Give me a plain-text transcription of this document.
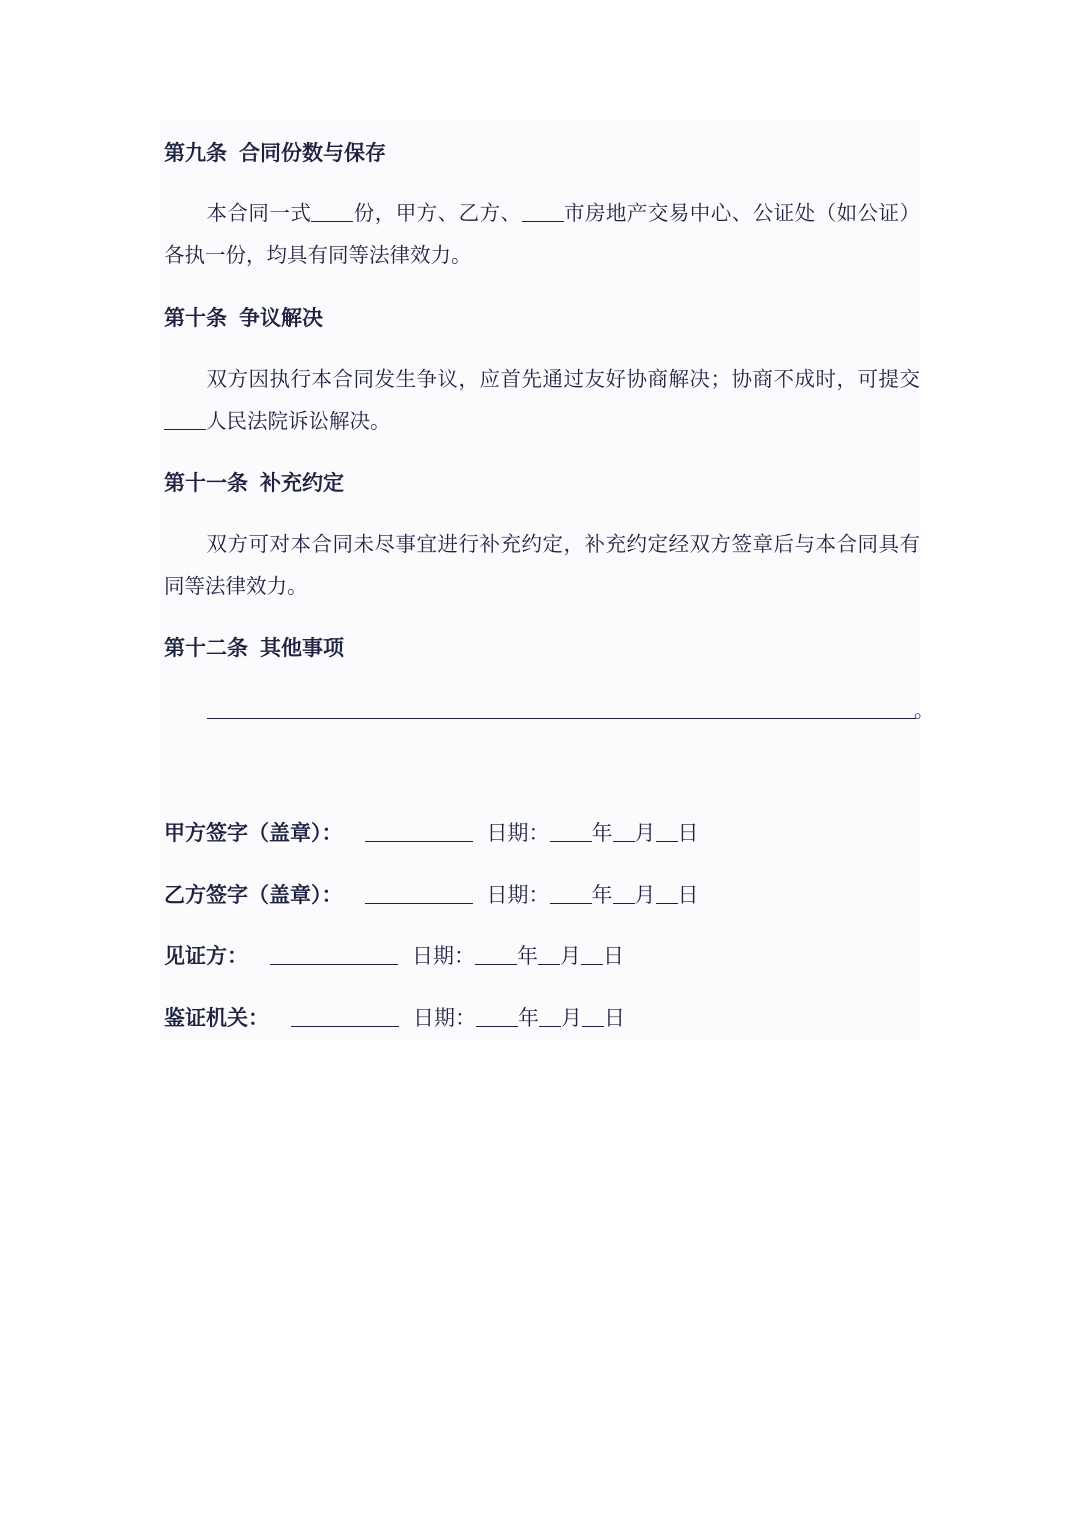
第九条 合同份数与保存
本合同一式 份，甲方、乙方、 市房地产交易中心、公证处（如公证）各执一份，均具有同等法律效力。
第十条 争议解决
双方因执行本合同发生争议，应首先通过友好协商解决；协商不成时，可提交人民法院诉讼解决。
第十一条 补充约定
双方可对本合同未尽事宜进行补充约定，补充约定经双方签章后与本合同具有同等法律效力。
第十二条 其他事项
。
甲方签字（盖章）：	日期： 年 月 日
乙方签字（盖章）：	日期： 年 月 日
见证方：	日期： 年 月 日
鉴证机关：	日期： 年 月 日
